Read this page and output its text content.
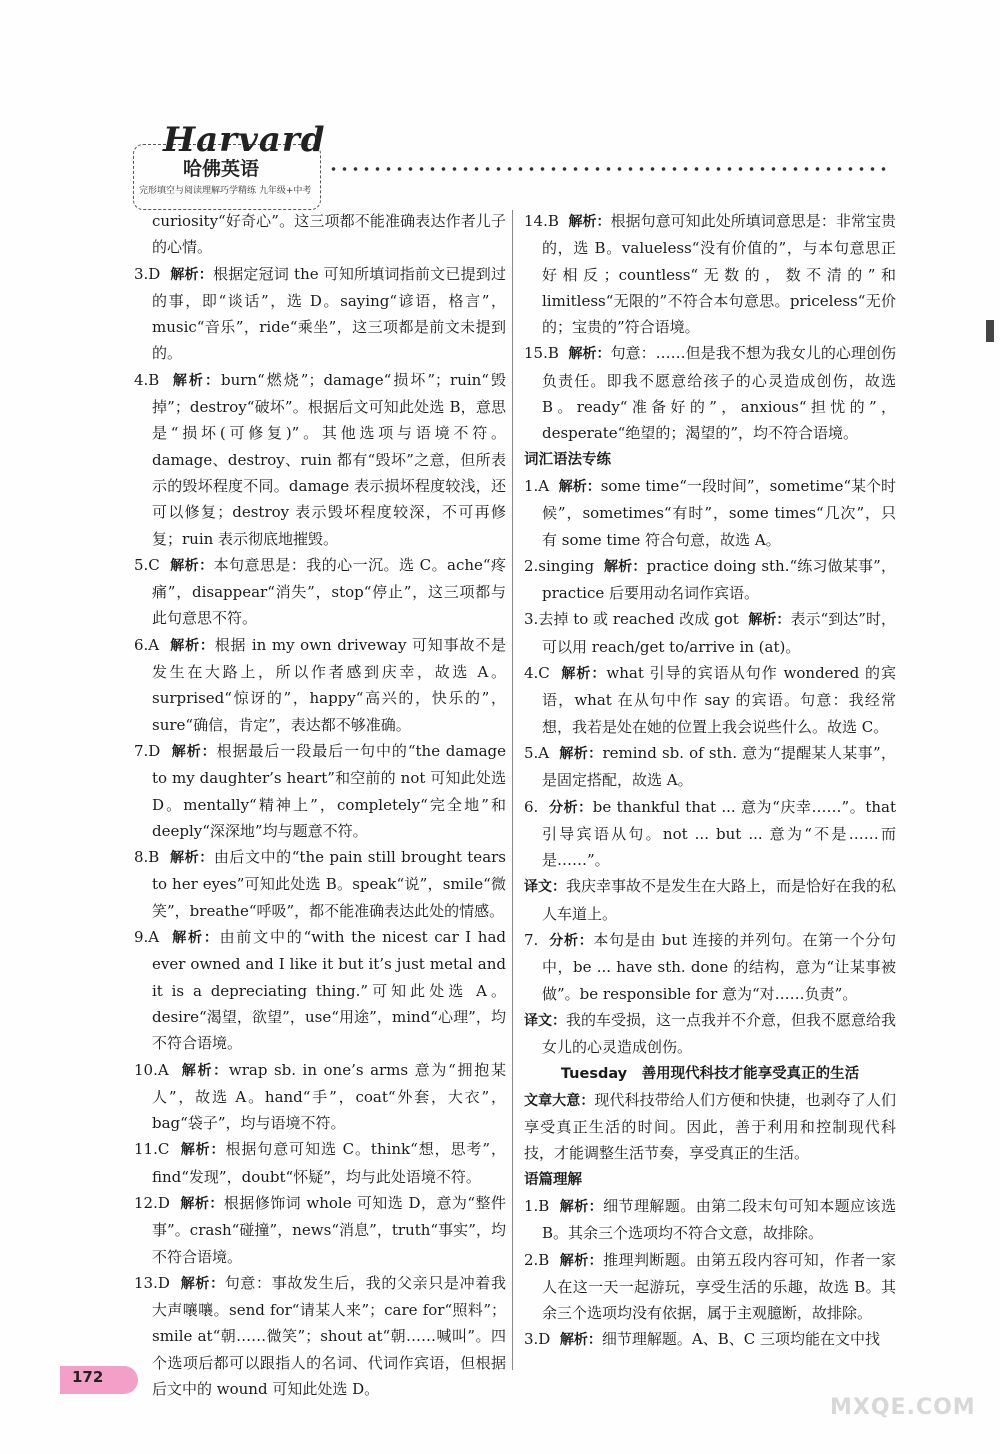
Harvard
哈佛英语
完形填空与阅读理解巧学精练 九年级+中考

curiosity“好奇心”。这三项都不能准确表达作者儿子的心情。

3.D 解析：根据定冠词 the 可知所填词指前文已提到过的事，即“谈话”，选 D。saying“谚语，格言”，music“音乐”，ride“乘坐”，这三项都是前文未提到的。

4.B 解析：burn“燃烧”；damage“损坏”；ruin“毁掉”；destroy“破坏”。根据后文可知此处选 B，意思是“损坏(可修复)”。其他选项与语境不符。damage、destroy、ruin 都有“毁坏”之意，但所表示的毁坏程度不同。damage 表示损坏程度较浅，还可以修复；destroy 表示毁坏程度较深，不可再修复；ruin 表示彻底地摧毁。

5.C 解析：本句意思是：我的心一沉。选 C。ache“疼痛”，disappear“消失”，stop“停止”，这三项都与此句意思不符。

6.A 解析：根据 in my own driveway 可知事故不是发生在大路上，所以作者感到庆幸，故选 A。surprised“惊讶的”，happy“高兴的，快乐的”，sure“确信，肯定”，表达都不够准确。

7.D 解析：根据最后一段最后一句中的“the damage to my daughter’s heart”和空前的 not 可知此处选 D。mentally“精神上”，completely“完全地”和 deeply“深深地”均与题意不符。

8.B 解析：由后文中的“the pain still brought tears to her eyes”可知此处选 B。speak“说”，smile“微笑”，breathe“呼吸”，都不能准确表达此处的情感。

9.A 解析：由前文中的“with the nicest car I had ever owned and I like it but it’s just metal and it is a depreciating thing.”可知此处选 A。desire“渴望，欲望”，use“用途”，mind“心理”，均不符合语境。

10.A 解析：wrap sb. in one’s arms 意为“拥抱某人”，故选 A。hand“手”，coat“外套，大衣”，bag“袋子”，均与语境不符。

11.C 解析：根据句意可知选 C。think“想，思考”，find“发现”，doubt“怀疑”，均与此处语境不符。

12.D 解析：根据修饰词 whole 可知选 D，意为“整件事”。crash“碰撞”，news“消息”，truth“事实”，均不符合语境。

13.D 解析：句意：事故发生后，我的父亲只是冲着我大声嚷嚷。send for“请某人来”；care for“照料”；smile at“朝……微笑”；shout at“朝……喊叫”。四个选项后都可以跟指人的名词、代词作宾语，但根据后文中的 wound 可知此处选 D。

14.B 解析：根据句意可知此处所填词意思是：非常宝贵的，选 B。valueless“没有价值的”，与本句意思正好相反；countless“无数的，数不清的”和 limitless“无限的”不符合本句意思。priceless“无价的；宝贵的”符合语境。

15.B 解析：句意：……但是我不想为我女儿的心理创伤负责任。即我不愿意给孩子的心灵造成创伤，故选 B。ready“准备好的”，anxious“担忧的”，desperate“绝望的；渴望的”，均不符合语境。

词汇语法专练

1.A 解析：some time“一段时间”，sometime“某个时候”，sometimes“有时”，some times“几次”，只有 some time 符合句意，故选 A。

2.singing 解析：practice doing sth.“练习做某事”，practice 后要用动名词作宾语。

3.去掉 to 或 reached 改成 got 解析：表示“到达”时，可以用 reach/get to/arrive in (at)。

4.C 解析：what 引导的宾语从句作 wondered 的宾语，what 在从句中作 say 的宾语。句意：我经常想，我若是处在她的位置上我会说些什么。故选 C。

5.A 解析：remind sb. of sth. 意为“提醒某人某事”，是固定搭配，故选 A。

6. 分析：be thankful that ... 意为“庆幸……”。that 引导宾语从句。not ... but ... 意为“不是……而是……”。

译文：我庆幸事故不是发生在大路上，而是恰好在我的私人车道上。

7. 分析：本句是由 but 连接的并列句。在第一个分句中，be ... have sth. done 的结构，意为“让某事被做”。be responsible for 意为“对……负责”。

译文：我的车受损，这一点我并不介意，但我不愿意给我女儿的心灵造成创伤。

Tuesday　善用现代科技才能享受真正的生活

文章大意：现代科技带给人们方便和快捷，也剥夺了人们享受真正生活的时间。因此，善于利用和控制现代科技，才能调整生活节奏，享受真正的生活。

语篇理解

1.B 解析：细节理解题。由第二段末句可知本题应该选 B。其余三个选项均不符合文意，故排除。

2.B 解析：推理判断题。由第五段内容可知，作者一家人在这一天一起游玩，享受生活的乐趣，故选 B。其余三个选项均没有依据，属于主观臆断，故排除。

3.D 解析：细节理解题。A、B、C 三项均能在文中找

172
MXQE.COM
